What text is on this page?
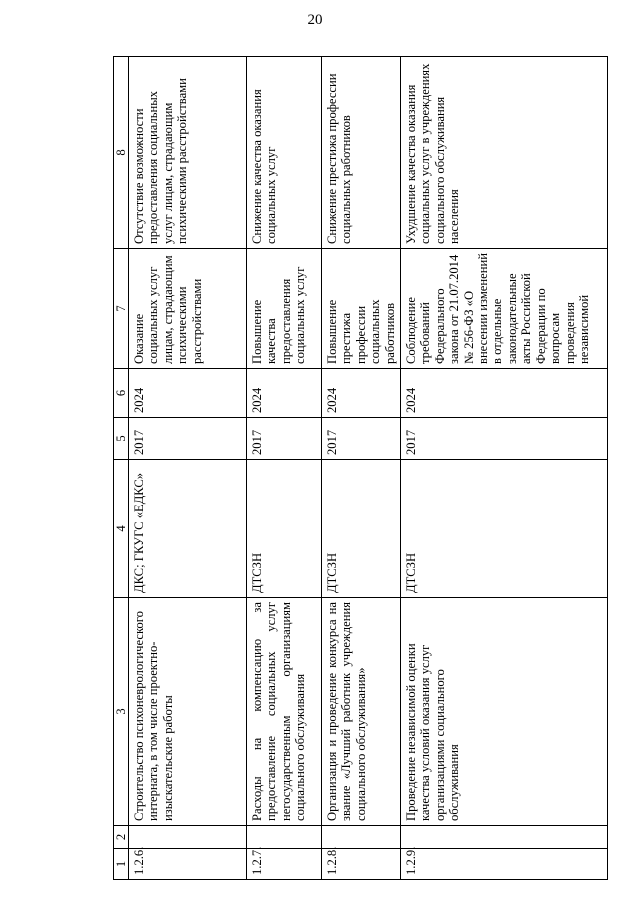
20
1	2	3	4	5	6	7	8
1.2.6.		Строительство психоневрологического интерната, в том числе проектно-изыскательские работы	ДКС; ГКУГС «ЕДКС»	2017	2024	Оказание социальных услуг лицам, страдающим психическими расстройствами	Отсутствие возможности предоставления социальных услуг лицам, страдающим психическими расстройствами
1.2.7.		Расходы на компенсацию за предоставление социальных услуг негосударственным организациям социального обслуживания	ДТСЗН	2017	2024	Повышение качества предоставления социальных услуг	Снижение качества оказания социальных услуг
1.2.8.		Организация и проведение конкурса на звание «Лучший работник учреждения социального обслуживания»	ДТСЗН	2017	2024	Повышение престижа профессии социальных работников	Снижение престижа профессии социальных работников
1.2.9.		Проведение независимой оценки качества условий оказания услуг организациями социального обслуживания	ДТСЗН	2017	2024	Соблюдение требований Федерального закона от 21.07.2014 № 256-ФЗ «О внесении изменений в отдельные законодательные акты Российской Федерации по вопросам проведения независимой	Ухудшение качества оказания социальных услуг в учреждениях социального обслуживания населения
